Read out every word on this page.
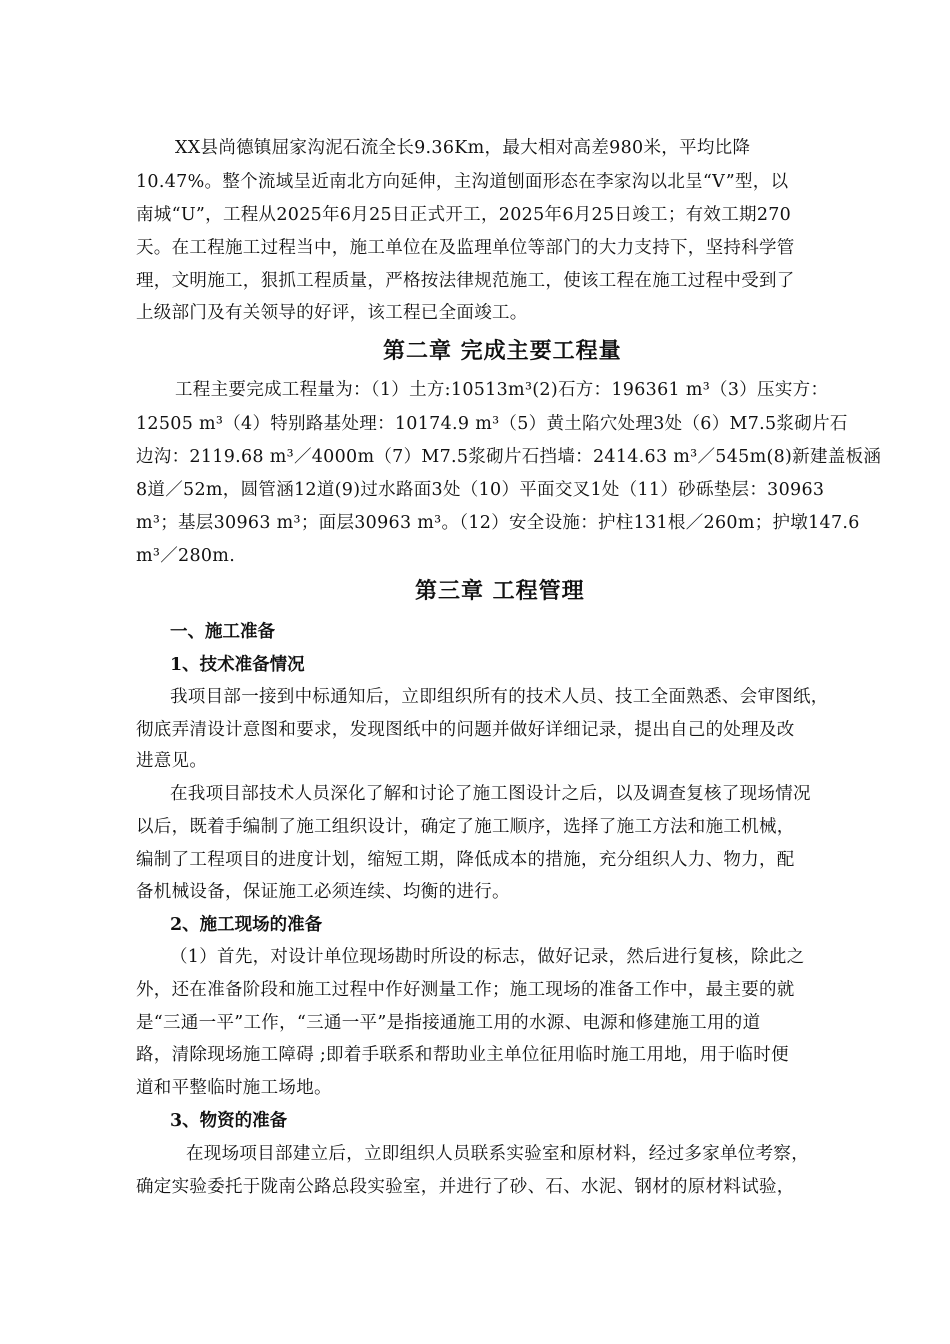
XX县尚德镇屈家沟泥石流全长9.36Km，最大相对高差980米，平均比降
10.47%。整个流域呈近南北方向延伸，主沟道刨面形态在李家沟以北呈“V”型，以
南城“U”，工程从2025年6月25日正式开工，2025年6月25日竣工；有效工期270
天。在工程施工过程当中，施工单位在及监理单位等部门的大力支持下，坚持科学管
理，文明施工，狠抓工程质量，严格按法律规范施工，使该工程在施工过程中受到了
上级部门及有关领导的好评，该工程已全面竣工。
第二章 完成主要工程量
工程主要完成工程量为：（1）土方:10513m³(2)石方：196361 m³（3）压实方：
12505 m³（4）特别路基处理：10174.9 m³（5）黄土陷穴处理3处（6）M7.5浆砌片石
边沟：2119.68 m³／4000m（7）M7.5浆砌片石挡墙：2414.63 m³／545m(8)新建盖板涵
8道／52m，圆管涵12道(9)过水路面3处（10）平面交叉1处（11）砂砾垫层：30963
m³；基层30963 m³；面层30963 m³。（12）安全设施：护柱131根／260m；护墩147.6
m³／280m.
第三章 工程管理
一、施工准备
1、技术准备情况
我项目部一接到中标通知后，立即组织所有的技术人员、技工全面熟悉、会审图纸，
彻底弄清设计意图和要求，发现图纸中的问题并做好详细记录，提出自己的处理及改
进意见。
在我项目部技术人员深化了解和讨论了施工图设计之后，以及调查复核了现场情况
以后，既着手编制了施工组织设计，确定了施工顺序，选择了施工方法和施工机械，
编制了工程项目的进度计划，缩短工期，降低成本的措施，充分组织人力、物力，配
备机械设备，保证施工必须连续、均衡的进行。
2、施工现场的准备
（1）首先，对设计单位现场勘时所设的标志，做好记录，然后进行复核，除此之
外，还在准备阶段和施工过程中作好测量工作；施工现场的准备工作中，最主要的就
是“三通一平”工作，“三通一平”是指接通施工用的水源、电源和修建施工用的道
路，清除现场施工障碍 ;即着手联系和帮助业主单位征用临时施工用地，用于临时便
道和平整临时施工场地。
3、物资的准备
在现场项目部建立后，立即组织人员联系实验室和原材料，经过多家单位考察，
确定实验委托于陇南公路总段实验室，并进行了砂、石、水泥、钢材的原材料试验，
